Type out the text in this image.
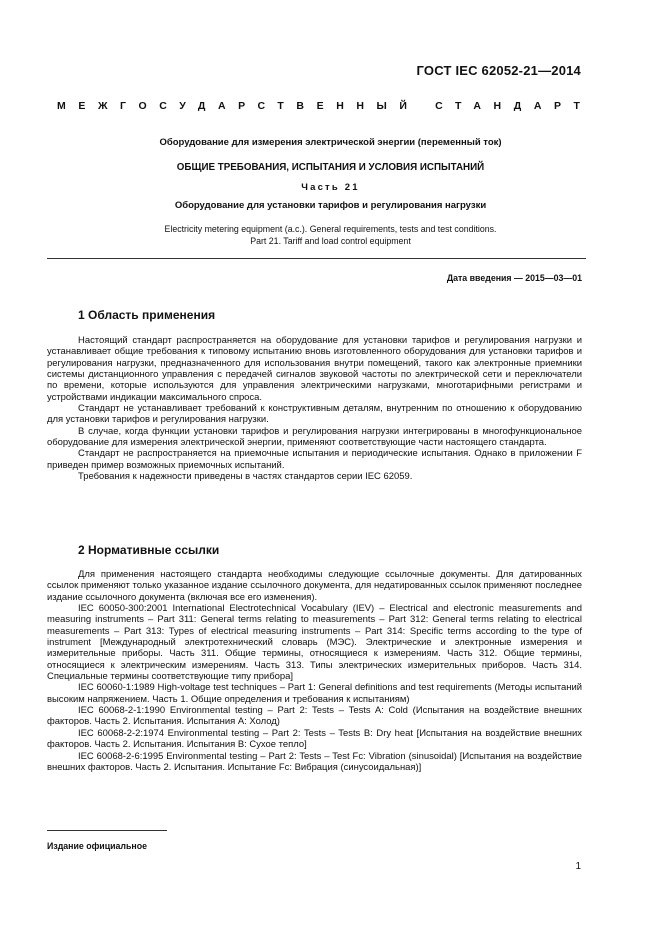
ГОСТ IEC 62052-21—2014
МЕЖГОСУДАРСТВЕННЫЙ СТАНДАРТ
Оборудование для измерения электрической энергии (переменный ток)
ОБЩИЕ ТРЕБОВАНИЯ, ИСПЫТАНИЯ И УСЛОВИЯ ИСПЫТАНИЙ
Часть 21
Оборудование для установки тарифов и регулирования нагрузки
Electricity metering equipment (a.c.). General requirements, tests and test conditions.
Part 21. Tariff and load control equipment
Дата введения — 2015—03—01
1 Область применения

Настоящий стандарт распространяется на оборудование для установки тарифов и регулирования нагрузки и устанавливает общие требования к типовому испытанию вновь изготовленного оборудования для установки тарифов и регулирования нагрузки, предназначенного для использования внутри помещений, такого как электронные приемники системы дистанционного управления с передачей сигналов звуковой частоты по электрической сети и переключатели по времени, которые используются для управления электрическими нагрузками, многотарифными регистрами и устройствами индикации максимального спроса.

Стандарт не устанавливает требований к конструктивным деталям, внутренним по отношению к оборудованию для установки тарифов и регулирования нагрузки.

В случае, когда функции установки тарифов и регулирования нагрузки интегрированы в многофункциональное оборудование для измерения электрической энергии, применяют соответствующие части настоящего стандарта.

Стандарт не распространяется на приемочные испытания и периодические испытания. Однако в приложении F приведен пример возможных приемочных испытаний.

Требования к надежности приведены в частях стандартов серии IEC 62059.

2 Нормативные ссылки

Для применения настоящего стандарта необходимы следующие ссылочные документы. Для датированных ссылок применяют только указанное издание ссылочного документа, для недатированных ссылок применяют последнее издание ссылочного документа (включая все его изменения).

IEC 60050-300:2001 International Electrotechnical Vocabulary (IEV) – Electrical and electronic measurements and measuring instruments – Part 311: General terms relating to measurements – Part 312: General terms relating to electrical measurements – Part 313: Types of electrical measuring instruments – Part 314: Specific terms according to the type of instrument [Международный электротехнический словарь (МЭС). Электрические и электронные измерения и измерительные приборы. Часть 311. Общие термины, относящиеся к измерениям. Часть 312. Общие термины, относящиеся к электрическим измерениям. Часть 313. Типы электрических измерительных приборов. Часть 314. Специальные термины соответствующие типу прибора]

IEC 60060-1:1989 High-voltage test techniques – Part 1: General definitions and test requirements (Методы испытаний высоким напряжением. Часть 1. Общие определения и требования к испытаниям)

IEC 60068-2-1:1990 Environmental testing – Part 2: Tests – Tests A: Cold (Испытания на воздействие внешних факторов. Часть 2. Испытания. Испытания А: Холод)

IEC 60068-2-2:1974 Environmental testing – Part 2: Tests – Tests B: Dry heat [Испытания на воздействие внешних факторов. Часть 2. Испытания. Испытания В: Сухое тепло]

IEC 60068-2-6:1995 Environmental testing – Part 2: Tests – Test Fc: Vibration (sinusoidal) [Испытания на воздействие внешних факторов. Часть 2. Испытания. Испытание Fc: Вибрация (синусоидальная)]

Издание официальное
1
